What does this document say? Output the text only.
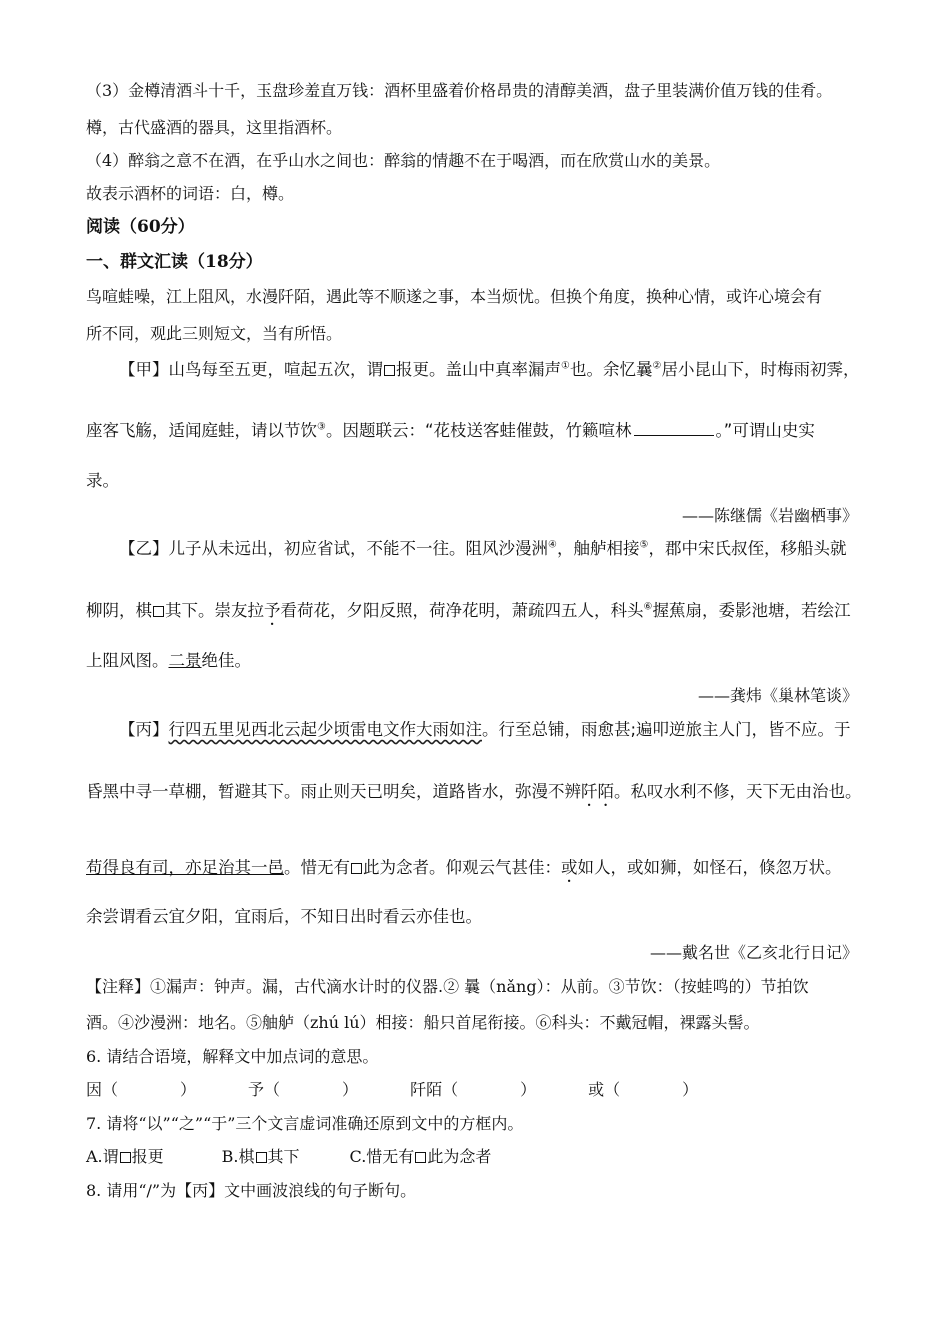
（3）金樽清酒斗十千，玉盘珍羞直万钱：酒杯里盛着价格昂贵的清醇美酒，盘子里装满价值万钱的佳肴。
樽，古代盛酒的器具，这里指酒杯。
（4）醉翁之意不在酒，在乎山水之间也：醉翁的情趣不在于喝酒，而在欣赏山水的美景。
故表示酒杯的词语：白，樽。
阅读（60分）
一、群文汇读（18分）
鸟喧蛙噪，江上阻风，水漫阡陌，遇此等不顺遂之事，本当烦忧。但换个角度，换种心情，或许心境会有
所不同，观此三则短文，当有所悟。
【甲】山鸟每至五更，喧起五次，谓 报更。盖山中真率漏声①也。余忆曩②居小昆山下，时梅雨初霁，
座客飞觞，适闻庭蛙，请以节饮③。因题联云：“花枝送客蛙催鼓，竹籁喧林	。”可谓山史实
录。
——陈继儒《岩幽栖事》
【乙】儿子从未远出，初应省试，不能不一往。阻风沙漫洲④，舳舻相接⑤，郡中宋氏叔侄，移船头就
柳阴，棋 其下。崇友拉予看荷花，夕阳反照，荷净花明，萧疏四五人，科头⑥握蕉扇，委影池塘，若绘江
上阻风图。二景绝佳。
——龚炜《巢林笔谈》
【丙】行四五里见西北云起少顷雷电文作大雨如注。行至总铺，雨愈甚;遍叩逆旅主人门，皆不应。于
昏黑中寻一草棚，暂避其下。雨止则天已明矣，道路皆水，弥漫不辨阡陌。私叹水利不修，天下无由治也。
苟得良有司，亦足治其一邑。惜无有 此为念者。仰观云气甚佳：或如人，或如狮，如怪石，倏忽万状。
余尝谓看云宜夕阳，宜雨后，不知日出时看云亦佳也。
——戴名世《乙亥北行日记》
【注释】①漏声：钟声。漏，古代滴水计时的仪器.② 曩（nǎng）：从前。③节饮：（按蛙鸣的）节拍饮
酒。④沙漫洲：地名。⑤舳舻（zhú lú）相接：船只首尾衔接。⑥科头：不戴冠帽，裸露头髻。
6. 请结合语境，解释文中加点词的意思。
因（	）	予（	）	阡陌（	）	或（	）
7. 请将“以”“之”“于”三个文言虚词准确还原到文中的方框内。
A.谓 报更	B.棋 其下	C.惜无有 此为念者
8. 请用“/”为【丙】文中画波浪线的句子断句。
